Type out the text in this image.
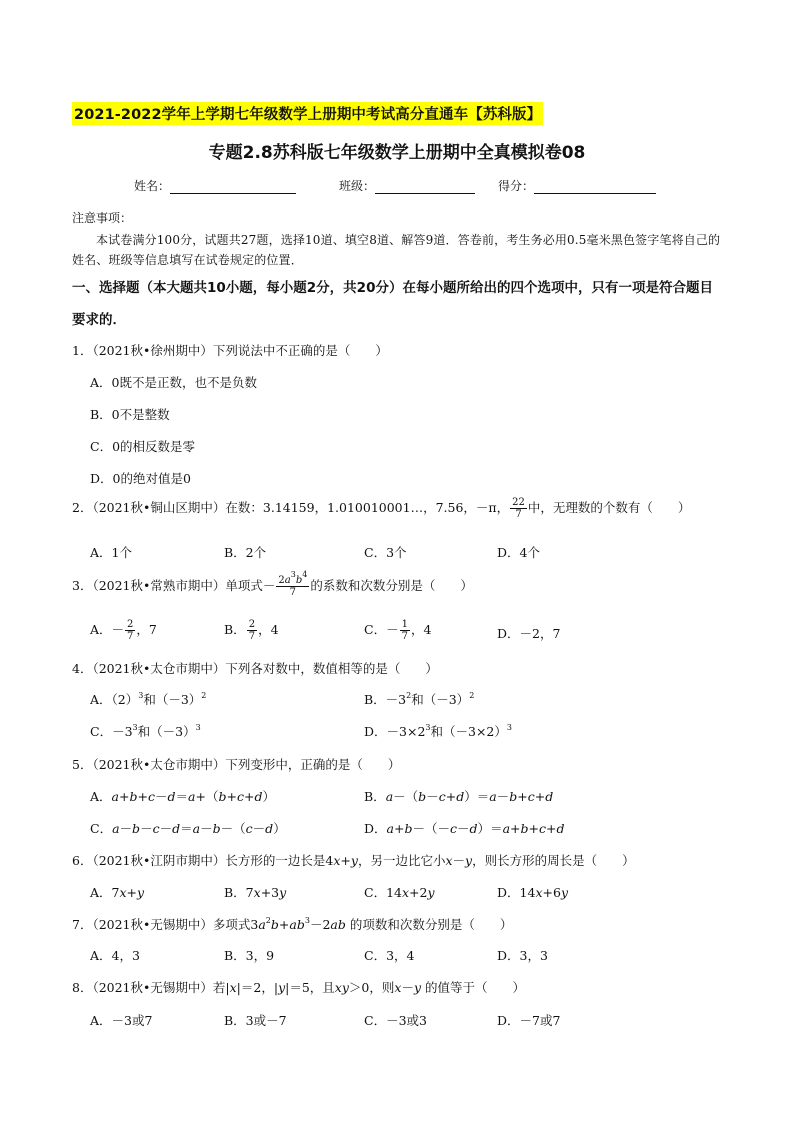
2021-2022学年上学期七年级数学上册期中考试高分直通车【苏科版】
专题2.8苏科版七年级数学上册期中全真模拟卷08
姓名：	班级：	得分：
注意事项：
本试卷满分100分，试题共27题，选择10道、填空8道、解答9道．答卷前，考生务必用0.5毫米黑色签字笔将自己的姓名、班级等信息填写在试卷规定的位置．
一、选择题（本大题共10小题，每小题2分，共20分）在每小题所给出的四个选项中，只有一项是符合题目要求的．
1．（2021秋•徐州期中）下列说法中不正确的是（　　）
A．0既不是正数，也不是负数
B．0不是整数
C．0的相反数是零
D．0的绝对值是0
2．（2021秋•铜山区期中）在数：3.14159，1.010010001…，7.56，－π， $\frac{22}{7}$ 中，无理数的个数有（　　）
A．1个	B．2个	C．3个	D．4个
3．（2021秋•常熟市期中）单项式－ $\frac{2a^3b^4}{7}$ 的系数和次数分别是（　　）
A．－ $\frac{2}{7}$ ，7	B． $\frac{2}{7}$ ，4	C．－ $\frac{1}{7}$ ，4	D．－2，7
4．（2021秋•太仓市期中）下列各对数中，数值相等的是（　　）
A．$(2)^3$和$(-3)^2$	B．$-3^2$和$(-3)^2$
C．$-3^3$和$(-3)^3$	D．$-3\times 2^3$和$(-3\times 2)^3$
5．（2021秋•太仓市期中）下列变形中，正确的是（　　）
A．a+b+c－d＝a+（b+c+d）	B．a－（b－c+d）＝a－b+c+d
C．a－b－c－d＝a－b－（c－d）	D．a+b－（－c－d）＝a+b+c+d
6．（2021秋•江阴市期中）长方形的一边长是4x+y，另一边比它小x－y，则长方形的周长是（　　）
A．7x+y	B．7x+3y	C．14x+2y	D．14x+6y
7．（2021秋•无锡期中）多项式$3a^2b+ab^3-2ab$ 的项数和次数分别是（　　）
A．4，3	B．3，9	C．3，4	D．3，3
8．（2021秋•无锡期中）若|x|＝2，|y|＝5，且xy＞0，则x－y 的值等于（　　）
A．－3或7	B．3或－7	C．－3或3	D．－7或7
